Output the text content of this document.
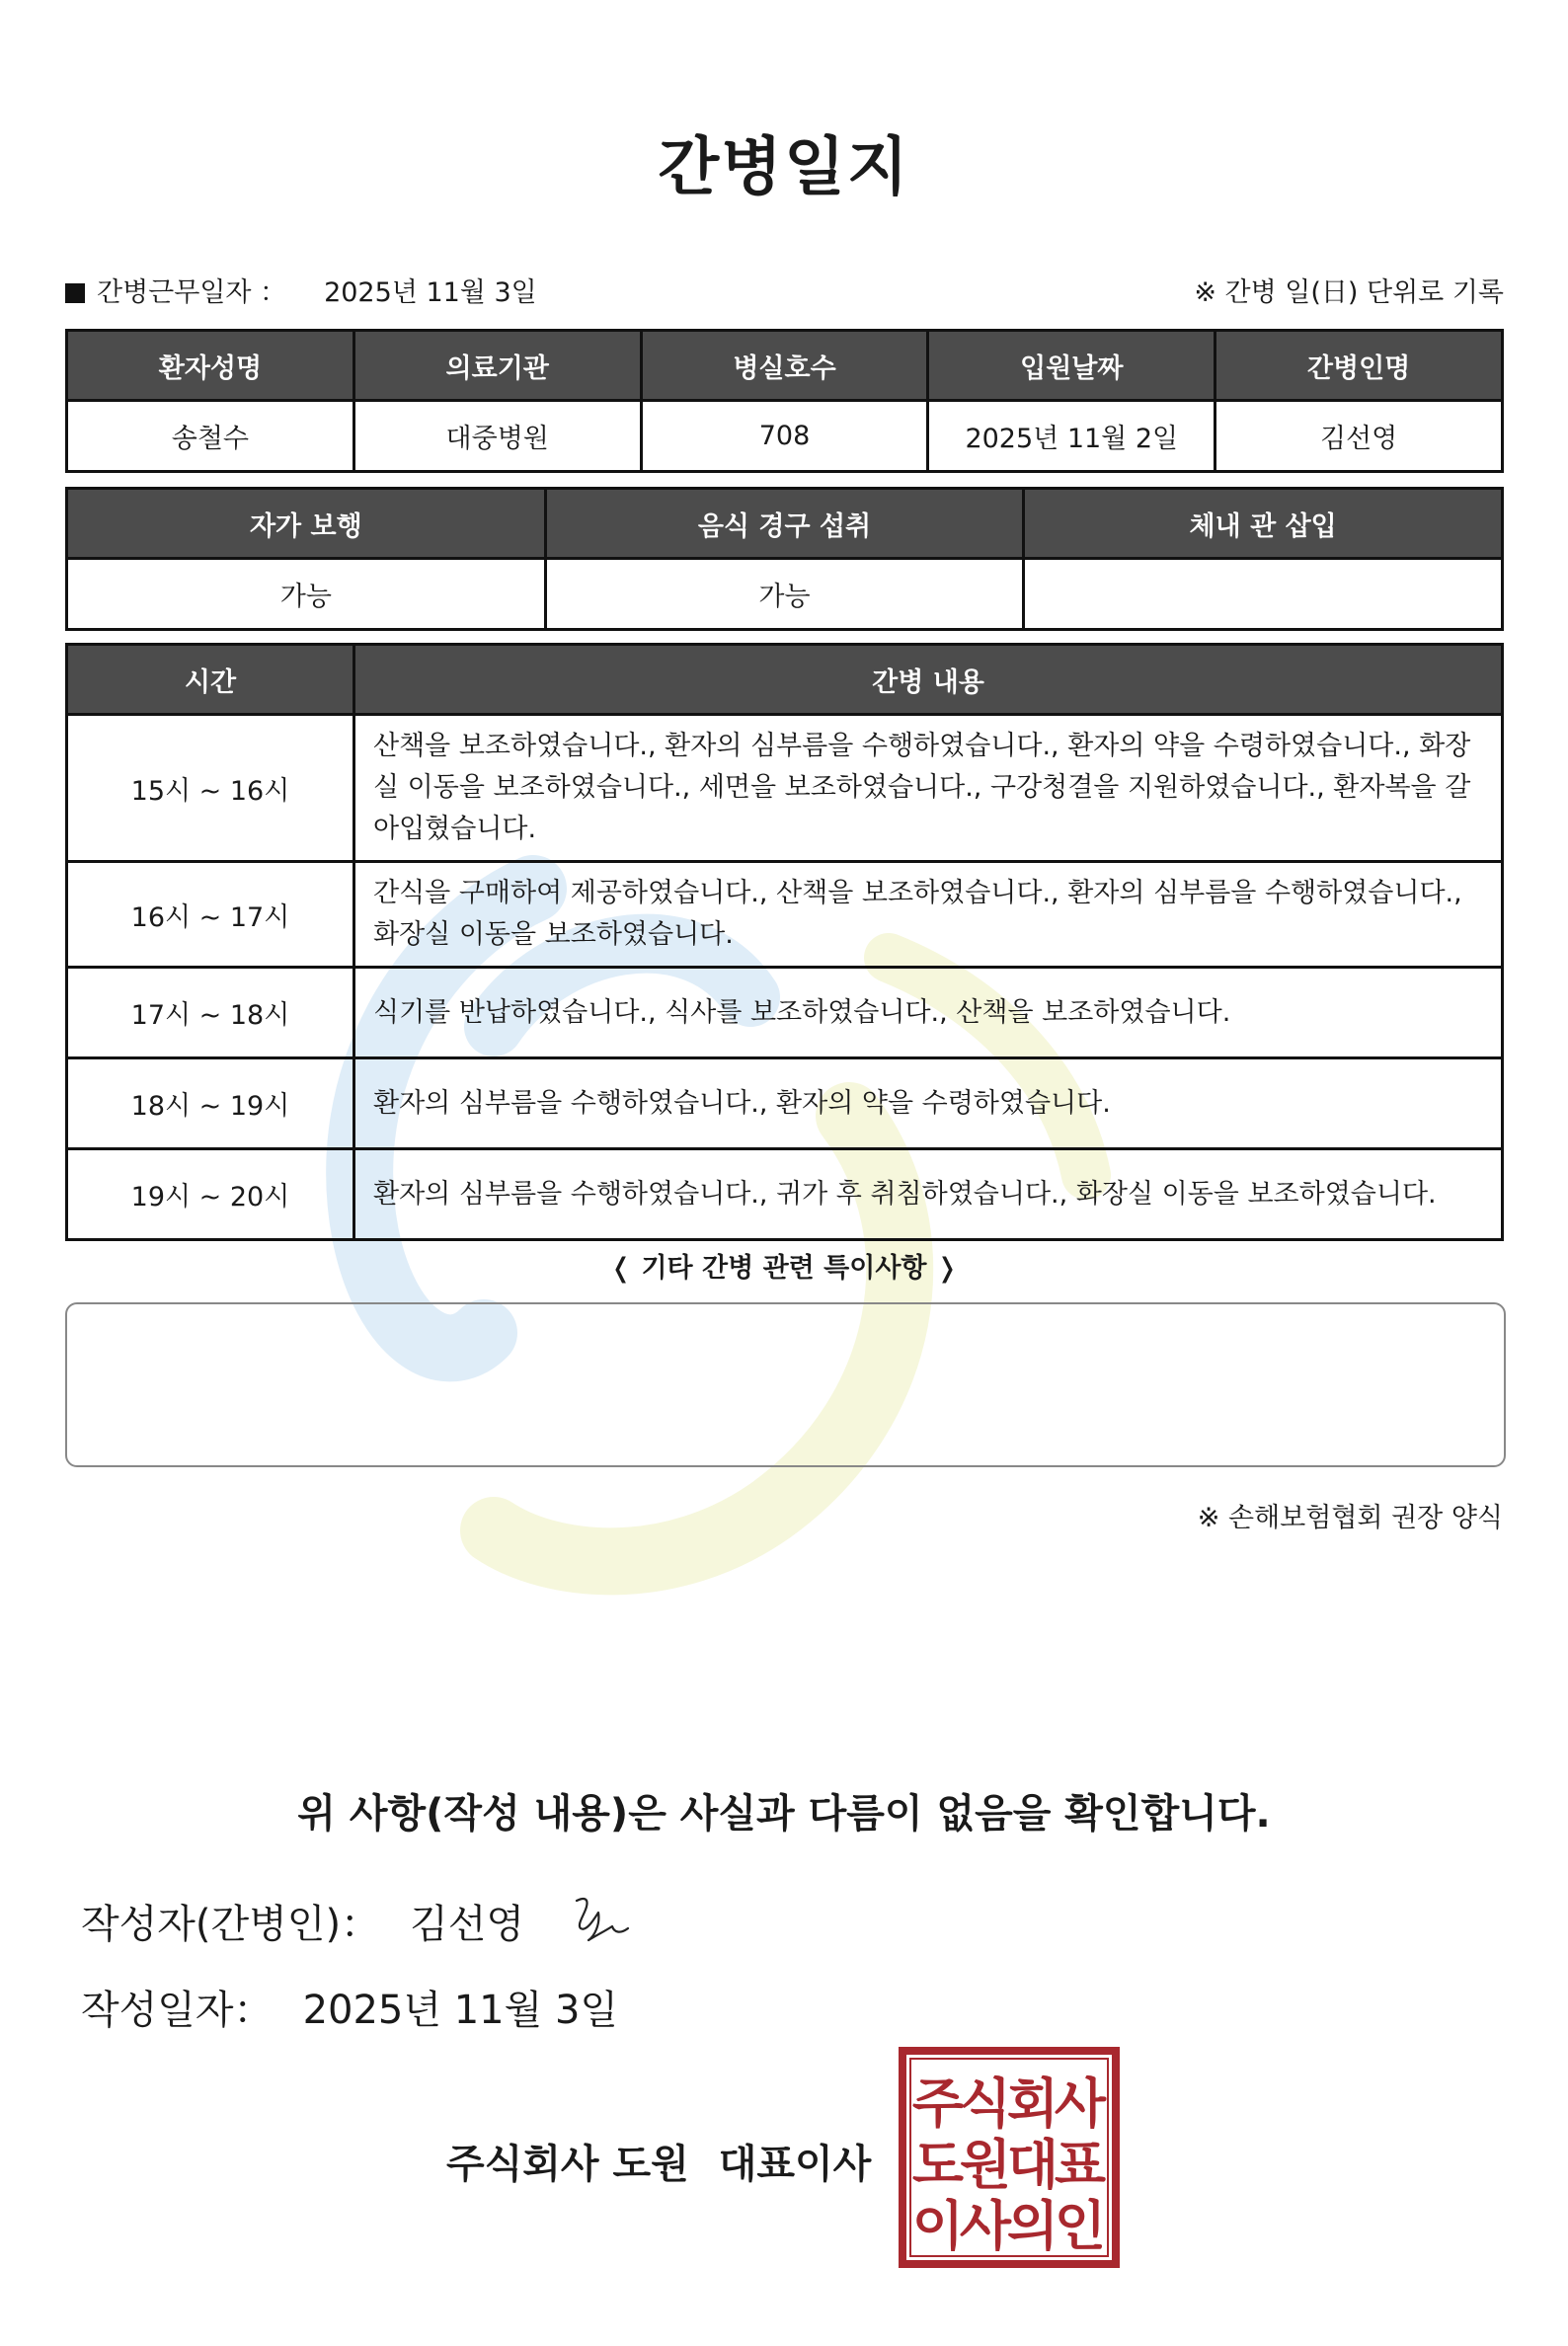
간병일지
간병근무일자 ： 2025년 11월 3일	※ 간병 일(日) 단위로 기록
환자성명	의료기관	병실호수	입원날짜	간병인명
송철수	대중병원	708	2025년 11월 2일	김선영
자가 보행	음식 경구 섭취	체내 관 삽입
가능	가능	
시간	간병 내용
15시 ~ 16시	산책을 보조하였습니다., 환자의 심부름을 수행하였습니다., 환자의 약을 수령하였습니다., 화장실 이동을 보조하였습니다., 세면을 보조하였습니다., 구강청결을 지원하였습니다., 환자복을 갈아입혔습니다.
16시 ~ 17시	간식을 구매하여 제공하였습니다., 산책을 보조하였습니다., 환자의 심부름을 수행하였습니다., 화장실 이동을 보조하였습니다.
17시 ~ 18시	식기를 반납하였습니다., 식사를 보조하였습니다., 산책을 보조하였습니다.
18시 ~ 19시	환자의 심부름을 수행하였습니다., 환자의 약을 수령하였습니다.
19시 ~ 20시	환자의 심부름을 수행하였습니다., 귀가 후 취침하였습니다., 화장실 이동을 보조하였습니다.
❬ 기타 간병 관련 특이사항 ❭
※ 손해보험협회 권장 양식
위 사항(작성 내용)은 사실과 다름이 없음을 확인합니다.
작성자(간병인)： 김선영
작성일자： 2025년 11월 3일
주식회사 도원 대표이사
주
식
회
사
도
원
대
표
이
사
의
인
